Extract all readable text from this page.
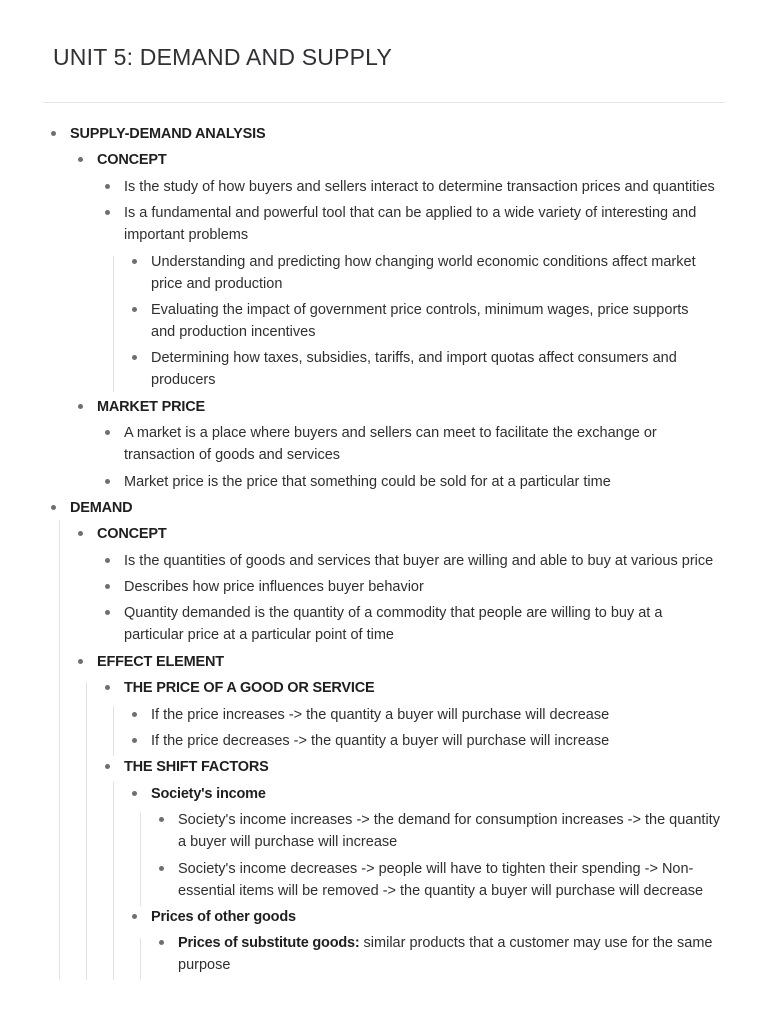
UNIT 5: DEMAND AND SUPPLY
SUPPLY-DEMAND ANALYSIS
CONCEPT
Is the study of how buyers and sellers interact to determine transaction prices and quantities
Is a fundamental and powerful tool that can be applied to a wide variety of interesting and important problems
Understanding and predicting how changing world economic conditions affect market price and production
Evaluating the impact of government price controls, minimum wages, price supports and production incentives
Determining how taxes, subsidies, tariffs, and import quotas affect consumers and producers
MARKET PRICE
A market is a place where buyers and sellers can meet to facilitate the exchange or transaction of goods and services
Market price is the price that something could be sold for at a particular time
DEMAND
CONCEPT
Is the quantities of goods and services that buyer are willing and able to buy at various price
Describes how price influences buyer behavior
Quantity demanded is the quantity of a commodity that people are willing to buy at a particular price at a particular point of time
EFFECT ELEMENT
THE PRICE OF A GOOD OR SERVICE
If the price increases -> the quantity a buyer will purchase will decrease
If the price decreases -> the quantity a buyer will purchase will increase
THE SHIFT FACTORS
Society's income
Society's income increases -> the demand for consumption increases -> the quantity a buyer will purchase will increase
Society's income decreases -> people will have to tighten their spending -> Non-essential items will be removed -> the quantity a buyer will purchase will decrease
Prices of other goods
Prices of substitute goods: similar products that a customer may use for the same purpose
